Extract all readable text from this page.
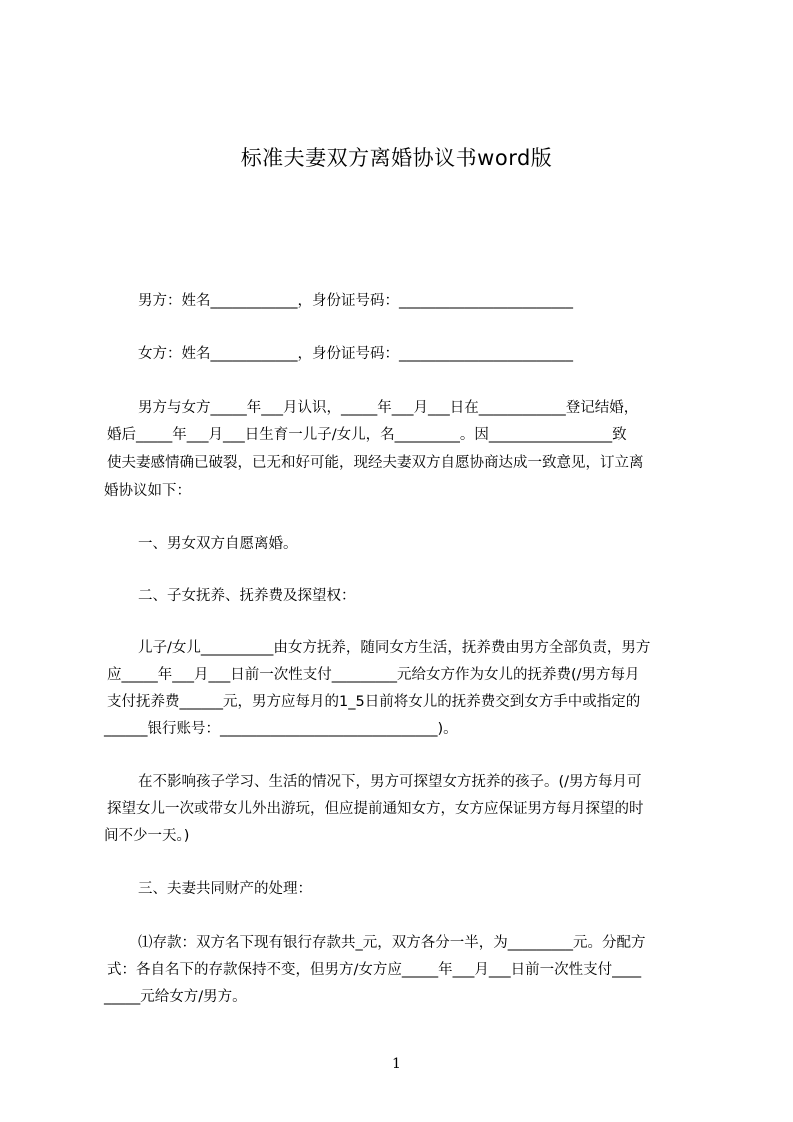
标准夫妻双方离婚协议书word版
男方：姓名____________，身份证号码：________________________
女方：姓名____________，身份证号码：________________________
男方与女方_____年___月认识，_____年___月___日在____________登记结婚，
婚后_____年___月___日生育一儿子/女儿，名_________。因_________________致
使夫妻感情确已破裂，已无和好可能，现经夫妻双方自愿协商达成一致意见，订立离
婚协议如下：
一、男女双方自愿离婚。
二、子女抚养、抚养费及探望权：
儿子/女儿__________由女方抚养，随同女方生活，抚养费由男方全部负责，男方
应_____年___月___日前一次性支付_________元给女方作为女儿的抚养费(/男方每月
支付抚养费______元，男方应每月的1_5日前将女儿的抚养费交到女方手中或指定的
______银行账号：______________________________)。
在不影响孩子学习、生活的情况下，男方可探望女方抚养的孩子。(/男方每月可
探望女儿一次或带女儿外出游玩，但应提前通知女方，女方应保证男方每月探望的时
间不少一天。)
三、夫妻共同财产的处理：
⑴存款：双方名下现有银行存款共_元，双方各分一半，为_________元。分配方
式：各自名下的存款保持不变，但男方/女方应_____年___月___日前一次性支付____
_____元给女方/男方。
1
